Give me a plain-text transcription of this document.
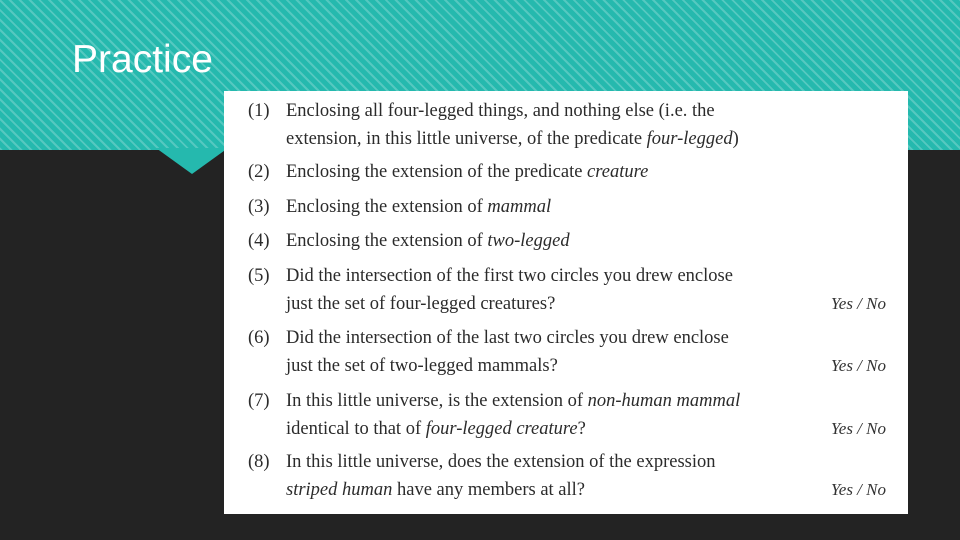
Practice
(1) Enclosing all four-legged things, and nothing else (i.e. the
extension, in this little universe, of the predicate four-legged)
(2) Enclosing the extension of the predicate creature
(3) Enclosing the extension of mammal
(4) Enclosing the extension of two-legged
(5) Did the intersection of the first two circles you drew enclose
just the set of four-legged creatures?	Yes / No
(6) Did the intersection of the last two circles you drew enclose
just the set of two-legged mammals?	Yes / No
(7) In this little universe, is the extension of non-human mammal
identical to that of four-legged creature?	Yes / No
(8) In this little universe, does the extension of the expression
striped human have any members at all?	Yes / No
